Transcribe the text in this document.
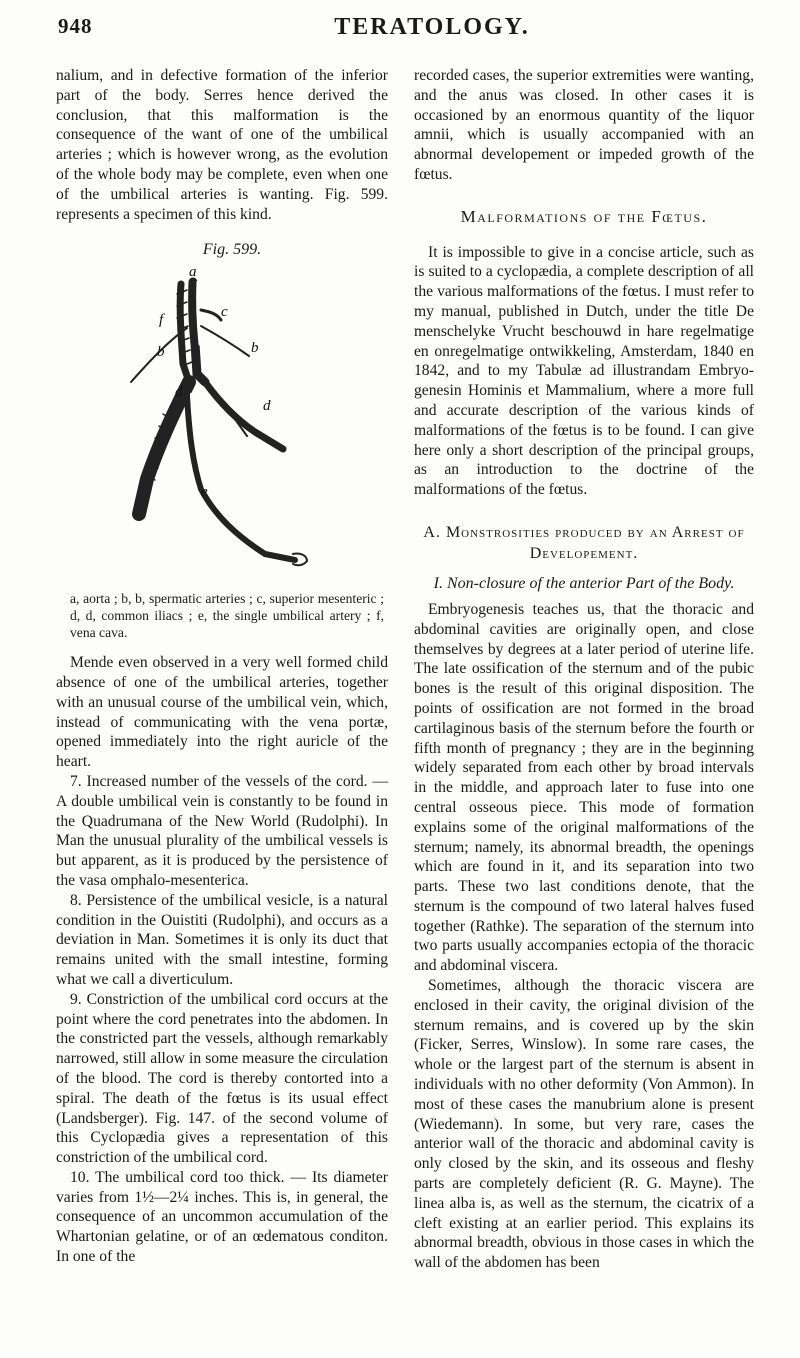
948	TERATOLOGY.

nalium, and in defective formation of the inferior part of the body. Serres hence derived the conclusion, that this malformation is the consequence of the want of one of the umbilical arteries ; which is however wrong, as the evolution of the whole body may be complete, even when one of the umbilical arteries is wanting. Fig. 599. represents a specimen of this kind.

Fig. 599.
a
f
b
c
b
d
d
e

a, aorta ; b, b, spermatic arteries ; c, superior mesenteric ; d, d, common iliacs ; e, the single umbilical artery ; f, vena cava.

Mende even observed in a very well formed child absence of one of the umbilical arteries, together with an unusual course of the umbilical vein, which, instead of communicating with the vena portæ, opened immediately into the right auricle of the heart.

7. Increased number of the vessels of the cord. — A double umbilical vein is constantly to be found in the Quadrumana of the New World (Rudolphi). In Man the unusual plurality of the umbilical vessels is but apparent, as it is produced by the persistence of the vasa omphalo-mesenterica.

8. Persistence of the umbilical vesicle, is a natural condition in the Ouistiti (Rudolphi), and occurs as a deviation in Man. Sometimes it is only its duct that remains united with the small intestine, forming what we call a diverticulum.

9. Constriction of the umbilical cord occurs at the point where the cord penetrates into the abdomen. In the constricted part the vessels, although remarkably narrowed, still allow in some measure the circulation of the blood. The cord is thereby contorted into a spiral. The death of the fœtus is its usual effect (Landsberger). Fig. 147. of the second volume of this Cyclopædia gives a representation of this constriction of the umbilical cord.

10. The umbilical cord too thick. — Its diameter varies from 1½—2¼ inches. This is, in general, the consequence of an uncommon accumulation of the Whartonian gelatine, or of an œdematous conditon. In one of the

recorded cases, the superior extremities were wanting, and the anus was closed. In other cases it is occasioned by an enormous quantity of the liquor amnii, which is usually accompanied with an abnormal developement or impeded growth of the fœtus.

Malformations of the Fœtus.

It is impossible to give in a concise article, such as is suited to a cyclopædia, a complete description of all the various malformations of the fœtus. I must refer to my manual, published in Dutch, under the title De menschelyke Vrucht beschouwd in hare regelmatige en onregelmatige ontwikkeling, Amsterdam, 1840 en 1842, and to my Tabulæ ad illustrandam Embryo-genesin Hominis et Mammalium, where a more full and accurate description of the various kinds of malformations of the fœtus is to be found. I can give here only a short description of the principal groups, as an introduction to the doctrine of the malformations of the fœtus.

A. Monstrosities produced by an Arrest of Developement.
I. Non-closure of the anterior Part of the Body.

Embryogenesis teaches us, that the thoracic and abdominal cavities are originally open, and close themselves by degrees at a later period of uterine life. The late ossification of the sternum and of the pubic bones is the result of this original disposition. The points of ossification are not formed in the broad cartilaginous basis of the sternum before the fourth or fifth month of pregnancy ; they are in the beginning widely separated from each other by broad intervals in the middle, and approach later to fuse into one central osseous piece. This mode of formation explains some of the original malformations of the sternum; namely, its abnormal breadth, the openings which are found in it, and its separation into two parts. These two last conditions denote, that the sternum is the compound of two lateral halves fused together (Rathke). The separation of the sternum into two parts usually accompanies ectopia of the thoracic and abdominal viscera.

Sometimes, although the thoracic viscera are enclosed in their cavity, the original division of the sternum remains, and is covered up by the skin (Ficker, Serres, Winslow). In some rare cases, the whole or the largest part of the sternum is absent in individuals with no other deformity (Von Ammon). In most of these cases the manubrium alone is present (Wiedemann). In some, but very rare, cases the anterior wall of the thoracic and abdominal cavity is only closed by the skin, and its osseous and fleshy parts are completely deficient (R. G. Mayne). The linea alba is, as well as the sternum, the cicatrix of a cleft existing at an earlier period. This explains its abnormal breadth, obvious in those cases in which the wall of the abdomen has been
